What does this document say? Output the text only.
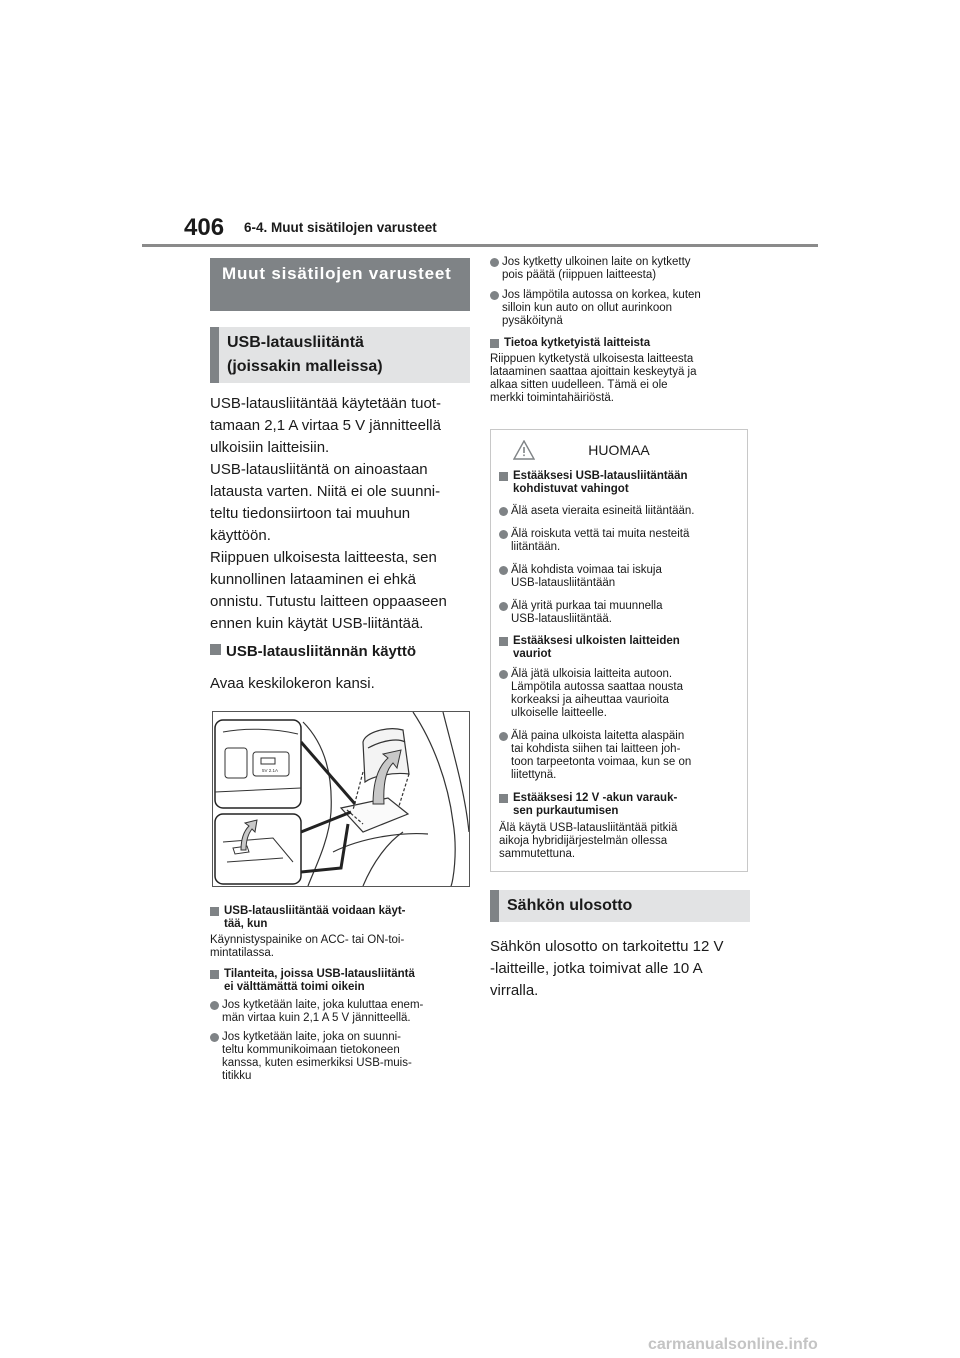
406 6-4. Muut sisätilojen varusteet
Muut sisätilojen varusteet
USB-latausliitäntä
(joissakin malleissa)
USB-latausliitäntää käytetään tuot-
tamaan 2,1 A virtaa 5 V jännitteellä
ulkoisiin laitteisiin.
USB-latausliitäntä on ainoastaan
latausta varten. Niitä ei ole suunni-
teltu tiedonsiirtoon tai muuhun
käyttöön.
Riippuen ulkoisesta laitteesta, sen
kunnollinen lataaminen ei ehkä
onnistu. Tutustu laitteen oppaaseen
ennen kuin käytät USB-liitäntää.
USB-latausliitännän käyttö
Avaa keskilokeron kansi.
5V 2.1A
USB-latausliitäntää voidaan käyt-
tää, kun
Käynnistyspainike on ACC- tai ON-toi-
mintatilassa.
Tilanteita, joissa USB-latausliitäntä
ei välttämättä toimi oikein
Jos kytketään laite, joka kuluttaa enem-
män virtaa kuin 2,1 A 5 V jännitteellä.
Jos kytketään laite, joka on suunni-
teltu kommunikoimaan tietokoneen
kanssa, kuten esimerkiksi USB-muis-
titikku
Jos kytketty ulkoinen laite on kytketty
pois päätä (riippuen laitteesta)
Jos lämpötila autossa on korkea, kuten
silloin kun auto on ollut aurinkoon
pysäköitynä
Tietoa kytketyistä laitteista
Riippuen kytketystä ulkoisesta laitteesta
lataaminen saattaa ajoittain keskeytyä ja
alkaa sitten uudelleen. Tämä ei ole
merkki toimintahäiriöstä.
HUOMAA
Estääksesi USB-latausliitäntään
kohdistuvat vahingot
Älä aseta vieraita esineitä liitäntään.
Älä roiskuta vettä tai muita nesteitä
liitäntään.
Älä kohdista voimaa tai iskuja
USB-latausliitäntään
Älä yritä purkaa tai muunnella
USB-latausliitäntää.
Estääksesi ulkoisten laitteiden
vauriot
Älä jätä ulkoisia laitteita autoon.
Lämpötila autossa saattaa nousta
korkeaksi ja aiheuttaa vaurioita
ulkoiselle laitteelle.
Älä paina ulkoista laitetta alaspäin
tai kohdista siihen tai laitteen joh-
toon tarpeetonta voimaa, kun se on
liitettynä.
Estääksesi 12 V -akun varauk-
sen purkautumisen
Älä käytä USB-latausliitäntää pitkiä
aikoja hybridijärjestelmän ollessa
sammutettuna.
Sähkön ulosotto
Sähkön ulosotto on tarkoitettu 12 V
-laitteille, jotka toimivat alle 10 A
virralla.
carmanualsonline.info
